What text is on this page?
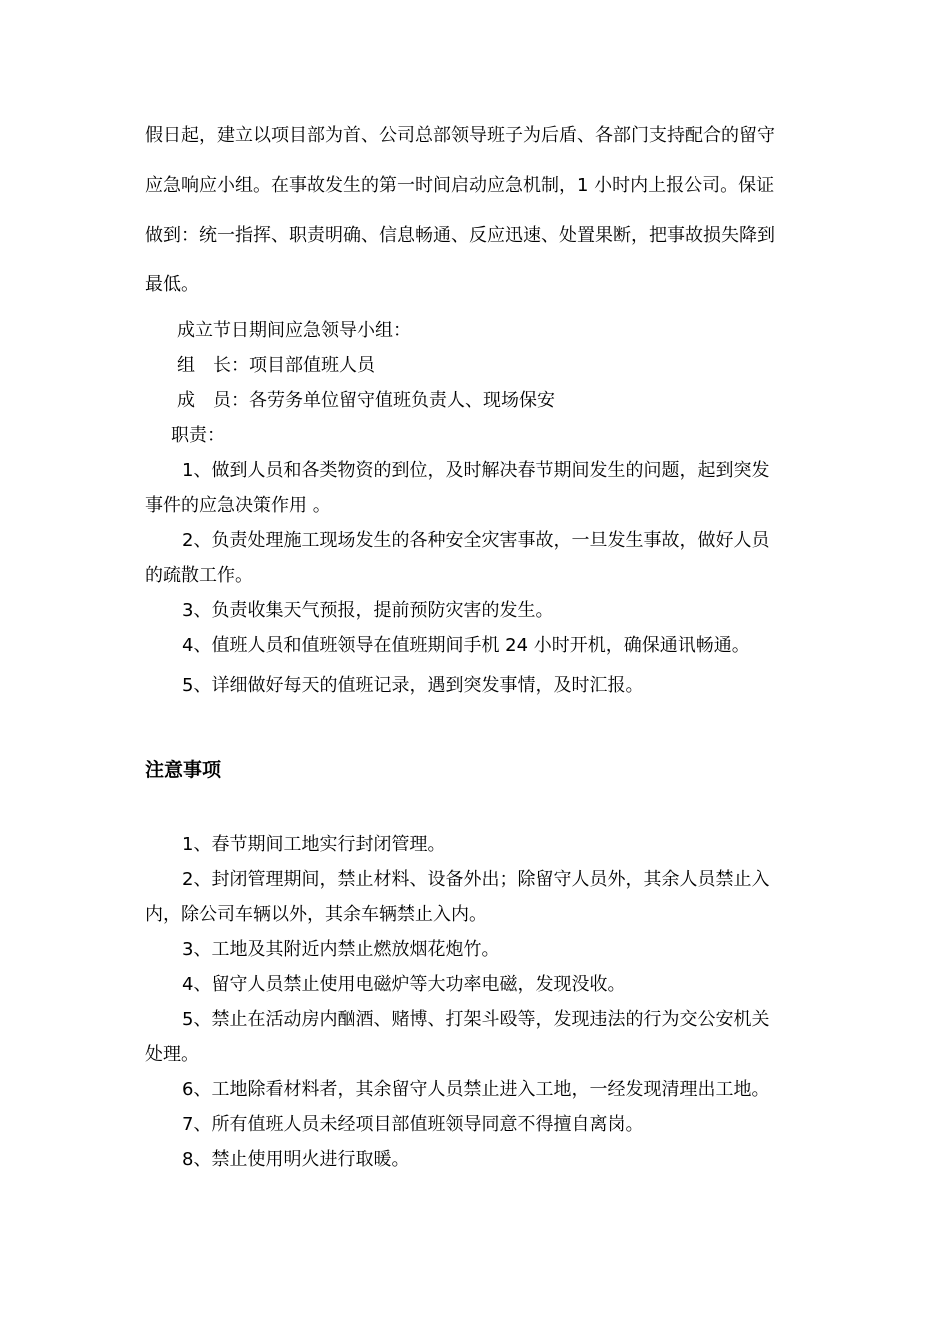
假日起，建立以项目部为首、公司总部领导班子为后盾、各部门支持配合的留守
应急响应小组。在事故发生的第一时间启动应急机制，1 小时内上报公司。保证
做到：统一指挥、职责明确、信息畅通、反应迅速、处置果断，把事故损失降到
最低。
成立节日期间应急领导小组：
组　长：项目部值班人员
成　员：各劳务单位留守值班负责人、现场保安
职责：
1、做到人员和各类物资的到位，及时解决春节期间发生的问题，起到突发
事件的应急决策作用 。
2、负责处理施工现场发生的各种安全灾害事故，一旦发生事故，做好人员
的疏散工作。
3、负责收集天气预报，提前预防灾害的发生。
4、值班人员和值班领导在值班期间手机 24 小时开机，确保通讯畅通。
5、详细做好每天的值班记录，遇到突发事情，及时汇报。
注意事项
1、春节期间工地实行封闭管理。
2、封闭管理期间，禁止材料、设备外出；除留守人员外，其余人员禁止入
内，除公司车辆以外，其余车辆禁止入内。
3、工地及其附近内禁止燃放烟花炮竹。
4、留守人员禁止使用电磁炉等大功率电磁，发现没收。
5、禁止在活动房内酗酒、赌博、打架斗殴等，发现违法的行为交公安机关
处理。
6、工地除看材料者，其余留守人员禁止进入工地，一经发现清理出工地。
7、所有值班人员未经项目部值班领导同意不得擅自离岗。
8、禁止使用明火进行取暖。
